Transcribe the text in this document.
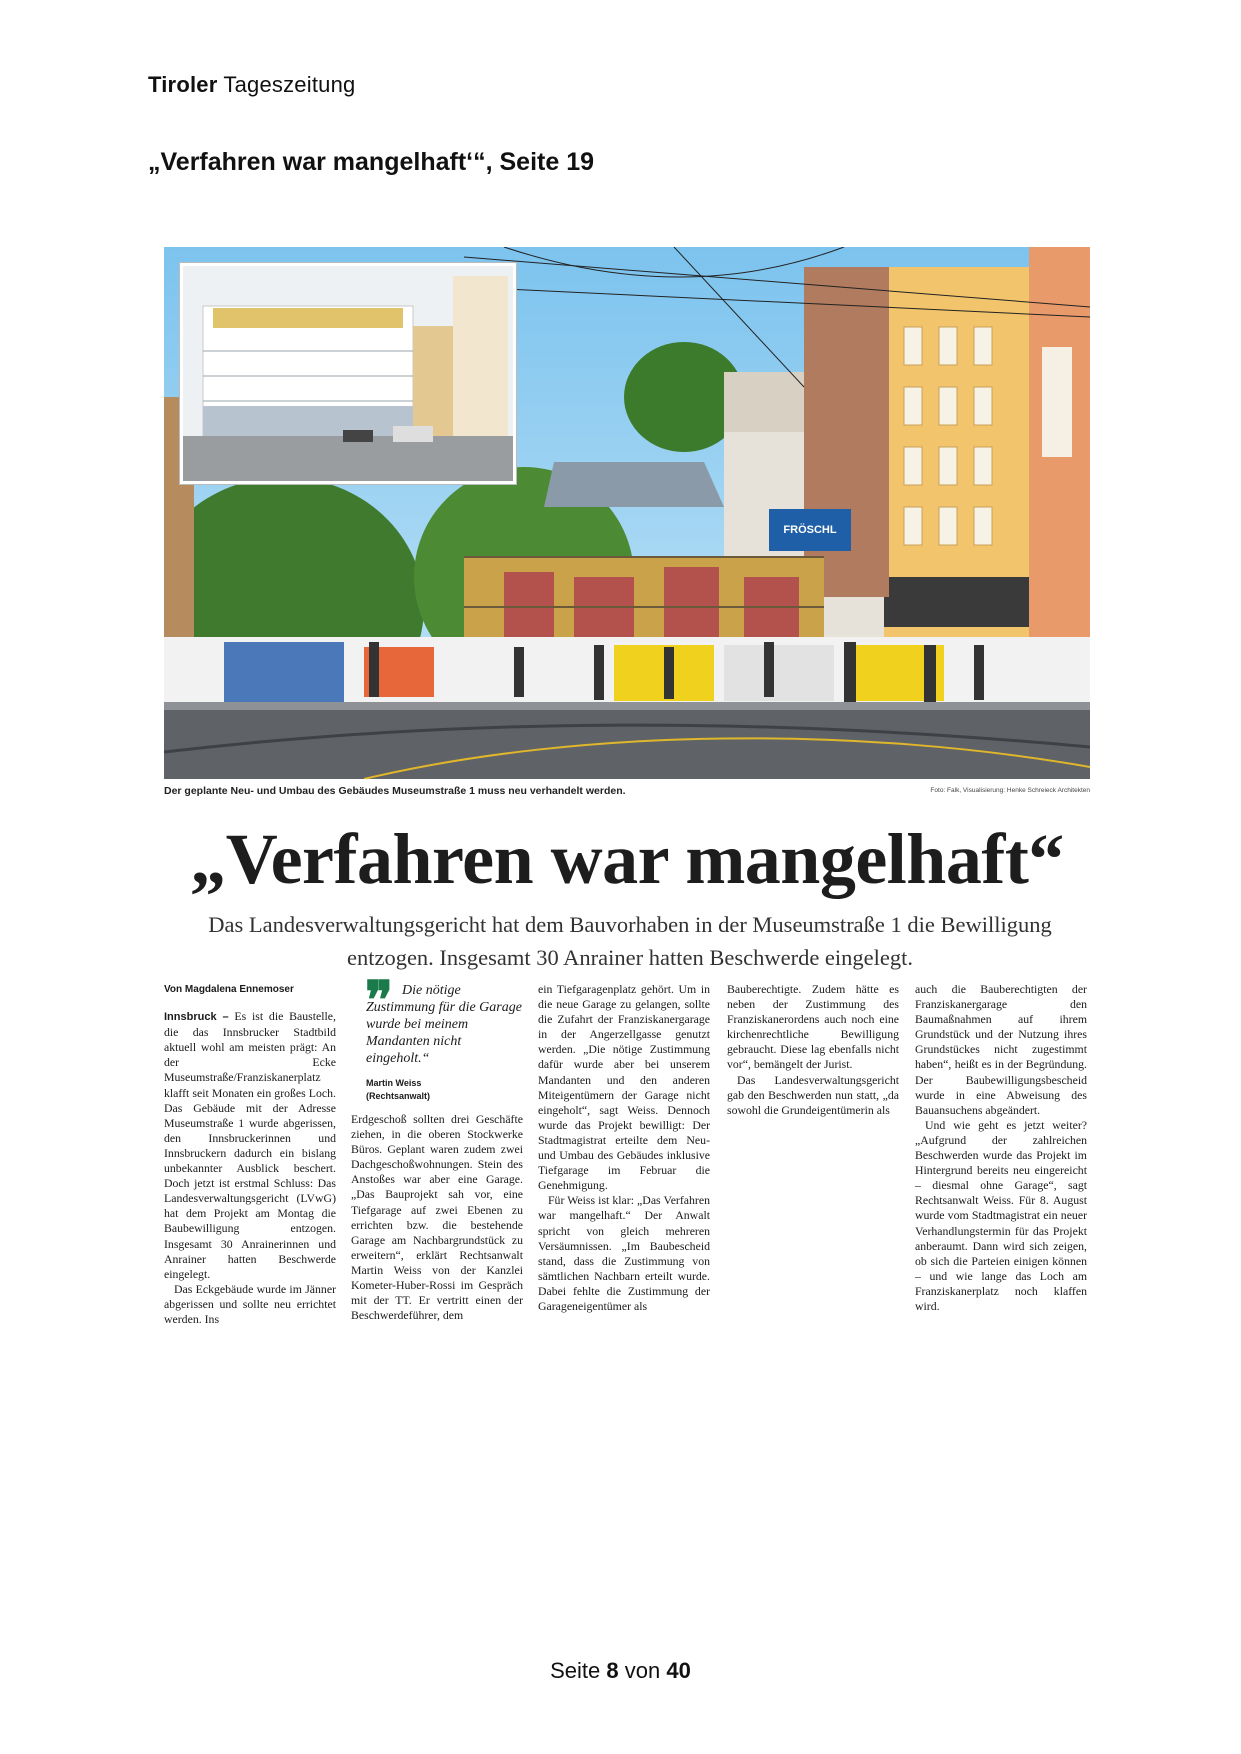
Tiroler Tageszeitung
„Verfahren war mangelhaft‘“, Seite 19
FRÖSCHL
Der geplante Neu- und Umbau des Gebäudes Museumstraße 1 muss neu verhandelt werden.	Foto: Falk, Visualisierung: Henke Schreieck Architekten
„Verfahren war mangelhaft“
Das Landesverwaltungsgericht hat dem Bauvorhaben in der Museumstraße 1 die Bewilligung entzogen. Insgesamt 30 Anrainer hatten Beschwerde eingelegt.
Von Magdalena Ennemoser

Innsbruck – Es ist die Baustelle, die das Innsbrucker Stadtbild aktuell wohl am meisten prägt: An der Ecke Museumstraße/Franziskanerplatz klafft seit Monaten ein großes Loch. Das Gebäude mit der Adresse Museumstraße 1 wurde abgerissen, den Innsbruckerinnen und Innsbruckern dadurch ein bislang unbekannter Ausblick beschert. Doch jetzt ist erstmal Schluss: Das Landesverwaltungsgericht (LVwG) hat dem Projekt am Montag die Baubewilligung entzogen. Insgesamt 30 Anrainerinnen und Anrainer hatten Beschwerde eingelegt.

Das Eckgebäude wurde im Jänner abgerissen und sollte neu errichtet werden. Ins

❞ Die nötige Zustimmung für die Garage wurde bei meinem Mandanten nicht eingeholt.“
Martin Weiss
(Rechtsanwalt)

Erdgeschoß sollten drei Geschäfte ziehen, in die oberen Stockwerke Büros. Geplant waren zudem zwei Dachgeschoßwohnungen. Stein des Anstoßes war aber eine Garage. „Das Bauprojekt sah vor, eine Tiefgarage auf zwei Ebenen zu errichten bzw. die bestehende Garage am Nachbargrundstück zu erweitern“, erklärt Rechtsanwalt Martin Weiss von der Kanzlei Kometer-Huber-Rossi im Gespräch mit der TT. Er vertritt einen der Beschwerdeführer, dem

ein Tiefgaragenplatz gehört. Um in die neue Garage zu gelangen, sollte die Zufahrt der Franziskanergarage in der Angerzellgasse genutzt werden. „Die nötige Zustimmung dafür wurde aber bei unserem Mandanten und den anderen Miteigentümern der Garage nicht eingeholt“, sagt Weiss. Dennoch wurde das Projekt bewilligt: Der Stadtmagistrat erteilte dem Neu- und Umbau des Gebäudes inklusive Tiefgarage im Februar die Genehmigung.

Für Weiss ist klar: „Das Verfahren war mangelhaft.“ Der Anwalt spricht von gleich mehreren Versäumnissen. „Im Baubescheid stand, dass die Zustimmung von sämtlichen Nachbarn erteilt wurde. Dabei fehlte die Zustimmung der Garageneigentümer als

Bauberechtigte. Zudem hätte es neben der Zustimmung des Franziskanerordens auch noch eine kirchenrechtliche Bewilligung gebraucht. Diese lag ebenfalls nicht vor“, bemängelt der Jurist.

Das Landesverwaltungsgericht gab den Beschwerden nun statt, „da sowohl die Grundeigentümerin als

auch die Bauberechtigten der Franziskanergarage den Baumaßnahmen auf ihrem Grundstück und der Nutzung ihres Grundstückes nicht zugestimmt haben“, heißt es in der Begründung. Der Baubewilligungsbescheid wurde in eine Abweisung des Bauansuchens abgeändert.

Und wie geht es jetzt weiter? „Aufgrund der zahlreichen Beschwerden wurde das Projekt im Hintergrund bereits neu eingereicht – diesmal ohne Garage“, sagt Rechtsanwalt Weiss. Für 8. August wurde vom Stadtmagistrat ein neuer Verhandlungstermin für das Projekt anberaumt. Dann wird sich zeigen, ob sich die Parteien einigen können – und wie lange das Loch am Franziskanerplatz noch klaffen wird.

Seite 8 von 40
